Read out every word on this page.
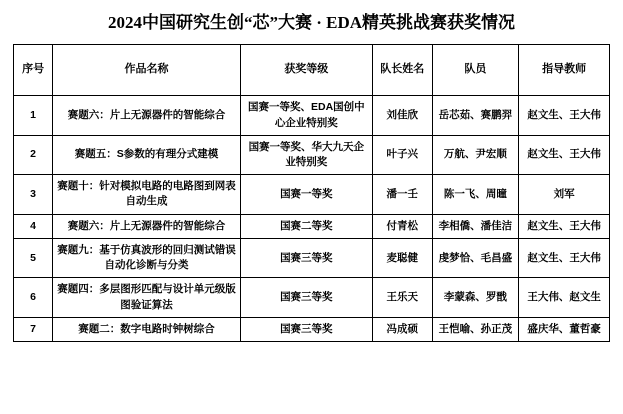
2024中国研究生创“芯”大赛 · EDA精英挑战赛获奖情况
序号	作品名称	获奖等级	队长姓名	队员	指导教师
1	赛题六：片上无源器件的智能综合	国赛一等奖、EDA国创中心企业特别奖	刘佳欣	岳芯茹、赛鹏羿	赵文生、王大伟
2	赛题五：S参数的有理分式建模	国赛一等奖、华大九天企业特别奖	叶子兴	万航、尹宏顺	赵文生、王大伟
3	赛题十：针对模拟电路的电路图到网表自动生成	国赛一等奖	潘一壬	陈一飞、周曈	刘军
4	赛题六：片上无源器件的智能综合	国赛二等奖	付青松	李相僑、潘佳洁	赵文生、王大伟
5	赛题九：基于仿真波形的回归测试错误自动化诊断与分类	国赛三等奖	麦聪健	虔梦恰、毛昌盛	赵文生、王大伟
6	赛题四：多层图形匹配与设计单元级版图验证算法	国赛三等奖	王乐天	李蒙森、罗戬	王大伟、赵文生
7	赛题二：数字电路时钟树综合	国赛三等奖	冯成硕	王恺喻、孙正茂	盛庆华、董哲豪
